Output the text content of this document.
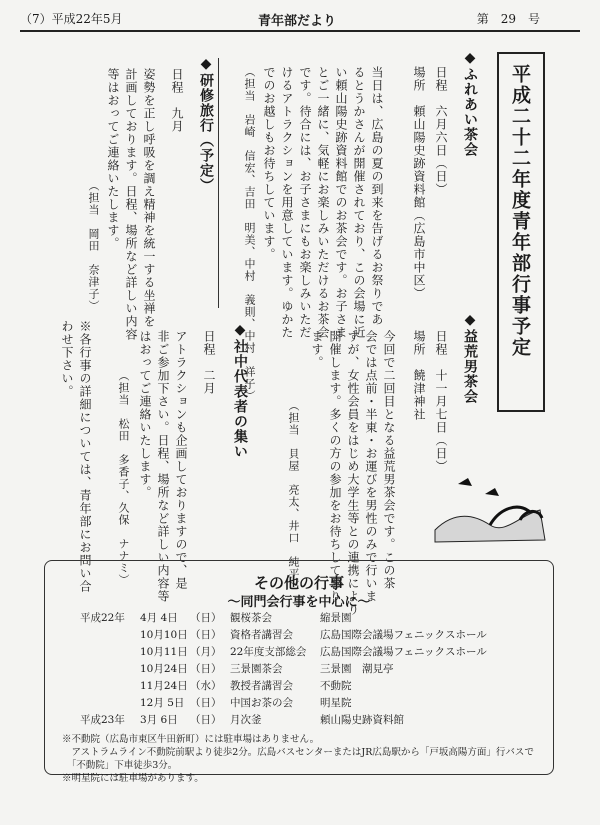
（7）平成22年5月	青年部だより	第　29　号
平成二十二年度青年部行事予定
◆ふれあい茶会
日程　六月六日（日）
場所　頼山陽史跡資料館（広島市中区）
当日は、広島の夏の到来を告げるお祭りであ
るとうかさんが開催されており、この会場に近
い頼山陽史跡資料館でのお茶会です。お子さま
とご一緒に、気軽にお楽しみいただけるお茶会
です。待合には、お子さまにもお楽しみいただ
けるアトラクションを用意しています。ゆかた
でのお越しもお待ちしています。
（担当　岩崎　信宏、吉田　明美、中村　義則、中村　祥子）	◆益荒男茶会
日程　十一月七日（日）
場所　饒津神社
今回で二回目となる益荒男茶会です。この茶
会では点前・半東・お運びを男性のみで行いま
すが、女性会員をはじめ大学生等との連携により
開催します。多くの方の参加をお待ちしており
ます。
（担当　貝屋　亮太、井口　純平）
◆研修旅行（予定）
日程　九月
姿勢を正し呼吸を調え精神を統一する坐禅を
計画しております。日程、場所など詳しい内容
等はおってご連絡いたします。
（担当　岡田　奈津子）
◆社中代表者の集い
日程　二月
アトラクションも企画しておりますので、是
非ご参加下さい。日程、場所など詳しい内容等
はおってご連絡いたします。
（担当　松田　多香子、久保　ナナミ）
※各行事の詳細については、青年部にお問い合
わせ下さい。
その他の行事
〜同門会行事を中心に〜
平成22年 4月 4日 （日） 観桜茶会	縮景園
10月10日 （日） 資格者講習会	広島国際会議場フェニックスホール
10月11日 （月） 22年度支部総会 広島国際会議場フェニックスホール
10月24日 （日） 三景園茶会	三景園　潮見亭
11月24日 （水） 教授者講習会	不動院
12月 5日 （日） 中国お茶の会	明星院
平成23年 3月 6日 （日） 月次釜	頼山陽史跡資料館
※不動院（広島市東区牛田新町）には駐車場はありません。
　アストラムライン不動院前駅より徒歩2分。広島バスセンターまたはJR広島駅から「戸坂高陽方面」行バスで
　「不動院」下車徒歩3分。
※明星院には駐車場があります。
